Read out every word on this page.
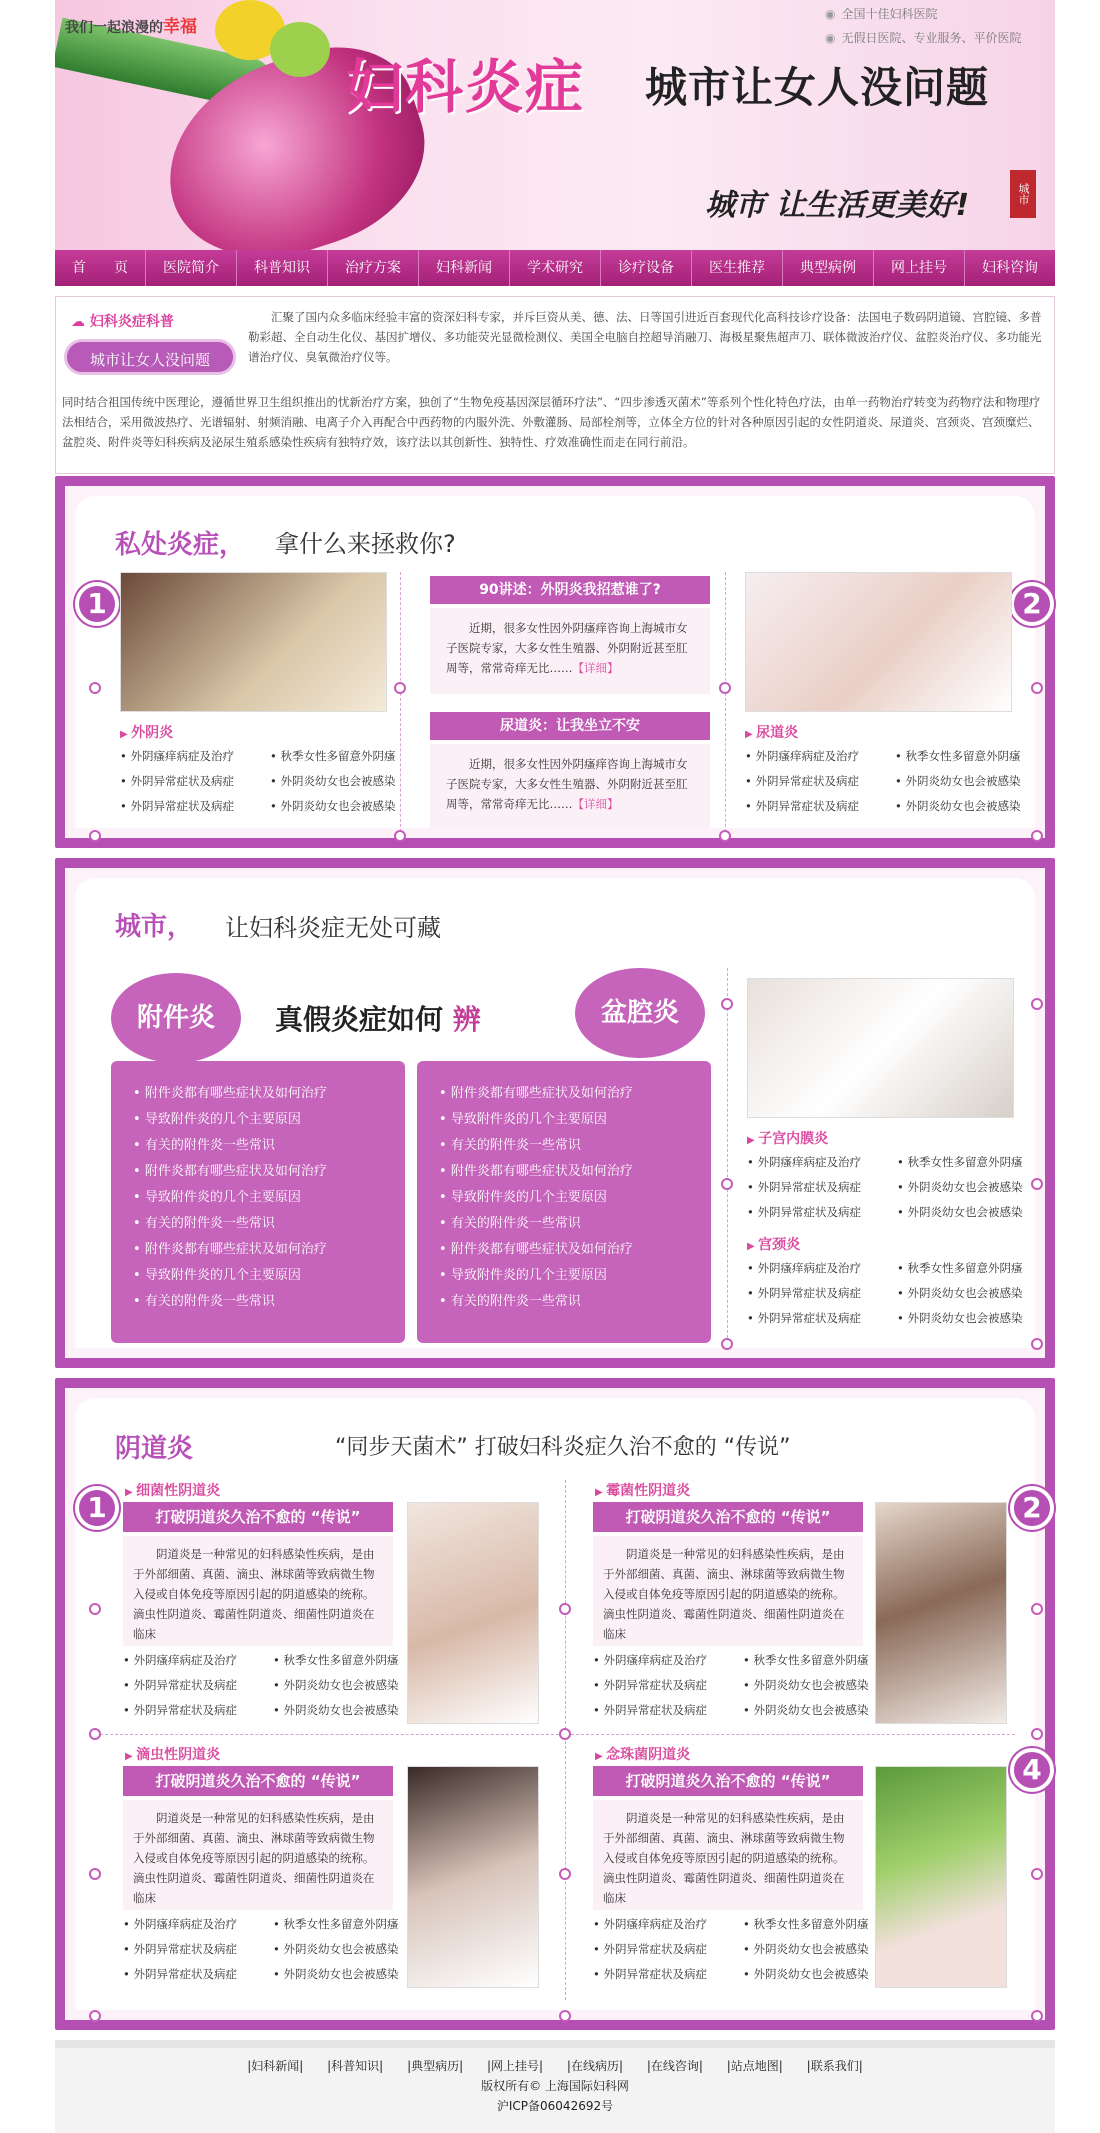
我们一起浪漫的幸福
妇科炎症 城市让女人没问题
城市 让生活更美好!	城市
◉ 全国十佳妇科医院
◉ 无假日医院、专业服务、平价医院
首　　页	医院简介	科普知识	治疗方案	妇科新闻	学术研究	诊疗设备	医生推荐	典型病例	网上挂号	妇科咨询
☁ 妇科炎症科普
城市让女人没问题
汇聚了国内众多临床经验丰富的资深妇科专家，并斥巨资从美、德、法、日等国引进近百套现代化高科技诊疗设备：法国电子数码阴道镜、宫腔镜、多普勒彩超、全自动生化仪、基因扩增仪、多功能荧光显微检测仪、美国全电脑自控超导消融刀、海极星聚焦超声刀、联体微波治疗仪、盆腔炎治疗仪、多功能光谱治疗仪、臭氧微治疗仪等。
同时结合祖国传统中医理论，遵循世界卫生组织推出的忧新治疗方案，独创了“生物免疫基因深层循环疗法”、“四步渗透灭菌术”等系列个性化特色疗法，由单一药物治疗转变为药物疗法和物理疗法相结合，采用微波热疗、光谱辐射、射频消融、电离子介入再配合中西药物的内服外洗、外敷灌肠、局部栓剂等，立体全方位的针对各种原因引起的女性阴道炎、尿道炎、宫颈炎、宫颈糜烂、盆腔炎、附件炎等妇科疾病及泌尿生殖系感染性疾病有独特疗效，该疗法以其创新性、独特性、疗效准确性而走在同行前沿。
私处炎症， 拿什么来拯救你?
1	2
▶ 外阴炎
• 外阴瘙痒病症及治疗	• 秋季女性多留意外阴瘙
• 外阴异常症状及病症	• 外阴炎幼女也会被感染
• 外阴异常症状及病症	• 外阴炎幼女也会被感染
▶ 尿道炎
• 外阴瘙痒病症及治疗	• 秋季女性多留意外阴瘙
• 外阴异常症状及病症	• 外阴炎幼女也会被感染
• 外阴异常症状及病症	• 外阴炎幼女也会被感染
90讲述：外阴炎我招惹谁了?
近期，很多女性因外阴瘙痒咨询上海城市女子医院专家，大多女性生殖器、外阴附近甚至肛周等，常常奇痒无比……【详细】
尿道炎：让我坐立不安
近期，很多女性因外阴瘙痒咨询上海城市女子医院专家，大多女性生殖器、外阴附近甚至肛周等，常常奇痒无比……【详细】
城市， 让妇科炎症无处可藏
附件炎	真假炎症如何 辨	盆腔炎
• 附件炎都有哪些症状及如何治疗
• 导致附件炎的几个主要原因
• 有关的附件炎一些常识
• 附件炎都有哪些症状及如何治疗
• 导致附件炎的几个主要原因
• 有关的附件炎一些常识
• 附件炎都有哪些症状及如何治疗
• 导致附件炎的几个主要原因
• 有关的附件炎一些常识
• 附件炎都有哪些症状及如何治疗
• 导致附件炎的几个主要原因
• 有关的附件炎一些常识
• 附件炎都有哪些症状及如何治疗
• 导致附件炎的几个主要原因
• 有关的附件炎一些常识
• 附件炎都有哪些症状及如何治疗
• 导致附件炎的几个主要原因
• 有关的附件炎一些常识
▶ 子宫内膜炎
• 外阴瘙痒病症及治疗	• 秋季女性多留意外阴瘙
• 外阴异常症状及病症	• 外阴炎幼女也会被感染
• 外阴异常症状及病症	• 外阴炎幼女也会被感染
▶ 宫颈炎
• 外阴瘙痒病症及治疗	• 秋季女性多留意外阴瘙
• 外阴异常症状及病症	• 外阴炎幼女也会被感染
• 外阴异常症状及病症	• 外阴炎幼女也会被感染
阴道炎	“同步天菌术” 打破妇科炎症久治不愈的 “传说”
1	2
4
▶ 细菌性阴道炎
打破阴道炎久治不愈的 “传说”
阴道炎是一种常见的妇科感染性疾病，是由于外部细菌、真菌、滴虫、淋球菌等致病微生物入侵或自体免疫等原因引起的阴道感染的统称。滴虫性阴道炎、霉菌性阴道炎、细菌性阴道炎在临床
• 外阴瘙痒病症及治疗	• 秋季女性多留意外阴瘙
• 外阴异常症状及病症	• 外阴炎幼女也会被感染
• 外阴异常症状及病症	• 外阴炎幼女也会被感染
▶ 霉菌性阴道炎
打破阴道炎久治不愈的 “传说”
阴道炎是一种常见的妇科感染性疾病，是由于外部细菌、真菌、滴虫、淋球菌等致病微生物入侵或自体免疫等原因引起的阴道感染的统称。滴虫性阴道炎、霉菌性阴道炎、细菌性阴道炎在临床
• 外阴瘙痒病症及治疗	• 秋季女性多留意外阴瘙
• 外阴异常症状及病症	• 外阴炎幼女也会被感染
• 外阴异常症状及病症	• 外阴炎幼女也会被感染
▶ 滴虫性阴道炎
打破阴道炎久治不愈的 “传说”
阴道炎是一种常见的妇科感染性疾病，是由于外部细菌、真菌、滴虫、淋球菌等致病微生物入侵或自体免疫等原因引起的阴道感染的统称。滴虫性阴道炎、霉菌性阴道炎、细菌性阴道炎在临床
• 外阴瘙痒病症及治疗	• 秋季女性多留意外阴瘙
• 外阴异常症状及病症	• 外阴炎幼女也会被感染
• 外阴异常症状及病症	• 外阴炎幼女也会被感染
▶ 念珠菌阴道炎
打破阴道炎久治不愈的 “传说”
阴道炎是一种常见的妇科感染性疾病，是由于外部细菌、真菌、滴虫、淋球菌等致病微生物入侵或自体免疫等原因引起的阴道感染的统称。滴虫性阴道炎、霉菌性阴道炎、细菌性阴道炎在临床
• 外阴瘙痒病症及治疗	• 秋季女性多留意外阴瘙
• 外阴异常症状及病症	• 外阴炎幼女也会被感染
• 外阴异常症状及病症	• 外阴炎幼女也会被感染
|妇科新闻| |科普知识| |典型病历| |网上挂号| |在线病历| |在线咨询| |站点地图| |联系我们|
版权所有© 上海国际妇科网
沪ICP备06042692号
